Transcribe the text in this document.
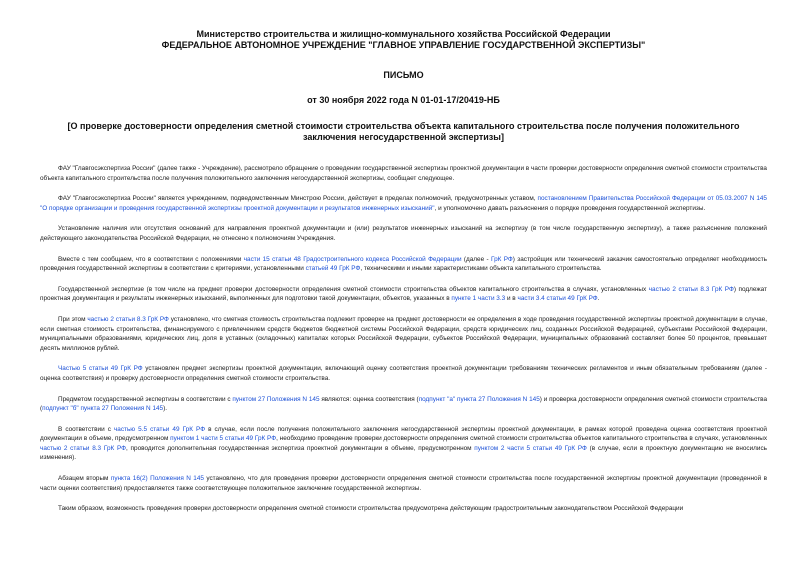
Министерство строительства и жилищно-коммунального хозяйства Российской Федерации
ФЕДЕРАЛЬНОЕ АВТОНОМНОЕ УЧРЕЖДЕНИЕ "ГЛАВНОЕ УПРАВЛЕНИЕ ГОСУДАРСТВЕННОЙ ЭКСПЕРТИЗЫ"
ПИСЬМО
от 30 ноября 2022 года N 01-01-17/20419-НБ
[О проверке достоверности определения сметной стоимости строительства объекта капитального строительства после получения положительного заключения негосударственной экспертизы]

ФАУ "Главгосэкспертиза России" (далее также - Учреждение), рассмотрело обращение о проведении государственной экспертизы проектной документации в части проверки достоверности определения сметной стоимости строительства объекта капитального строительства после получения положительного заключения негосударственной экспертизы, сообщает следующее.

ФАУ "Главгосэкспертиза России" является учреждением, подведомственным Минстрою России, действует в пределах полномочий, предусмотренных уставом, постановлением Правительства Российской Федерации от 05.03.2007 N 145 "О порядке организации и проведения государственной экспертизы проектной документации и результатов инженерных изысканий", и уполномочено давать разъяснения о порядке проведения государственной экспертизы.

Установление наличия или отсутствия оснований для направления проектной документации и (или) результатов инженерных изысканий на экспертизу (в том числе государственную экспертизу), а также разъяснение положений действующего законодательства Российской Федерации, не отнесено к полномочиям Учреждения.

Вместе с тем сообщаем, что в соответствии с положениями части 15 статьи 48 Градостроительного кодекса Российской Федерации (далее - ГрК РФ) застройщик или технический заказчик самостоятельно определяет необходимость проведения государственной экспертизы в соответствии с критериями, установленными статьей 49 ГрК РФ, техническими и иными характеристиками объекта капитального строительства.

Государственной экспертизе (в том числе на предмет проверки достоверности определения сметной стоимости строительства объектов капитального строительства в случаях, установленных частью 2 статьи 8.3 ГрК РФ) подлежат проектная документация и результаты инженерных изысканий, выполненных для подготовки такой документации, объектов, указанных в пункте 1 части 3.3 и в части 3.4 статьи 49 ГрК РФ.

При этом частью 2 статьи 8.3 ГрК РФ установлено, что сметная стоимость строительства подлежит проверке на предмет достоверности ее определения в ходе проведения государственной экспертизы проектной документации в случае, если сметная стоимость строительства, финансируемого с привлечением средств бюджетов бюджетной системы Российской Федерации, средств юридических лиц, созданных Российской Федерацией, субъектами Российской Федерации, муниципальными образованиями, юридических лиц, доля в уставных (складочных) капиталах которых Российской Федерации, субъектов Российской Федерации, муниципальных образований составляет более 50 процентов, превышает десять миллионов рублей.

Частью 5 статьи 49 ГрК РФ установлен предмет экспертизы проектной документации, включающий оценку соответствия проектной документации требованиям технических регламентов и иным обязательным требованиям (далее - оценка соответствия) и проверку достоверности определения сметной стоимости строительства.

Предметом государственной экспертизы в соответствии с пунктом 27 Положения N 145 являются: оценка соответствия (подпункт "а" пункта 27 Положения N 145) и проверка достоверности определения сметной стоимости строительства (подпункт "б" пункта 27 Положения N 145).

В соответствии с частью 5.5 статьи 49 ГрК РФ в случае, если после получения положительного заключения негосударственной экспертизы проектной документации, в рамках которой проведена оценка соответствия проектной документации в объеме, предусмотренном пунктом 1 части 5 статьи 49 ГрК РФ, необходимо проведение проверки достоверности определения сметной стоимости строительства объектов капитального строительства в случаях, установленных частью 2 статьи 8.3 ГрК РФ, проводится дополнительная государственная экспертиза проектной документации в объеме, предусмотренном пунктом 2 части 5 статьи 49 ГрК РФ (в случае, если в проектную документацию не вносились изменения).

Абзацем вторым пункта 16(2) Положения N 145 установлено, что для проведения проверки достоверности определения сметной стоимости строительства после государственной экспертизы проектной документации (проведенной в части оценки соответствия) предоставляется также соответствующее положительное заключение государственной экспертизы.

Таким образом, возможность проведения проверки достоверности определения сметной стоимости строительства предусмотрена действующим градостроительным законодательством Российской Федерации
